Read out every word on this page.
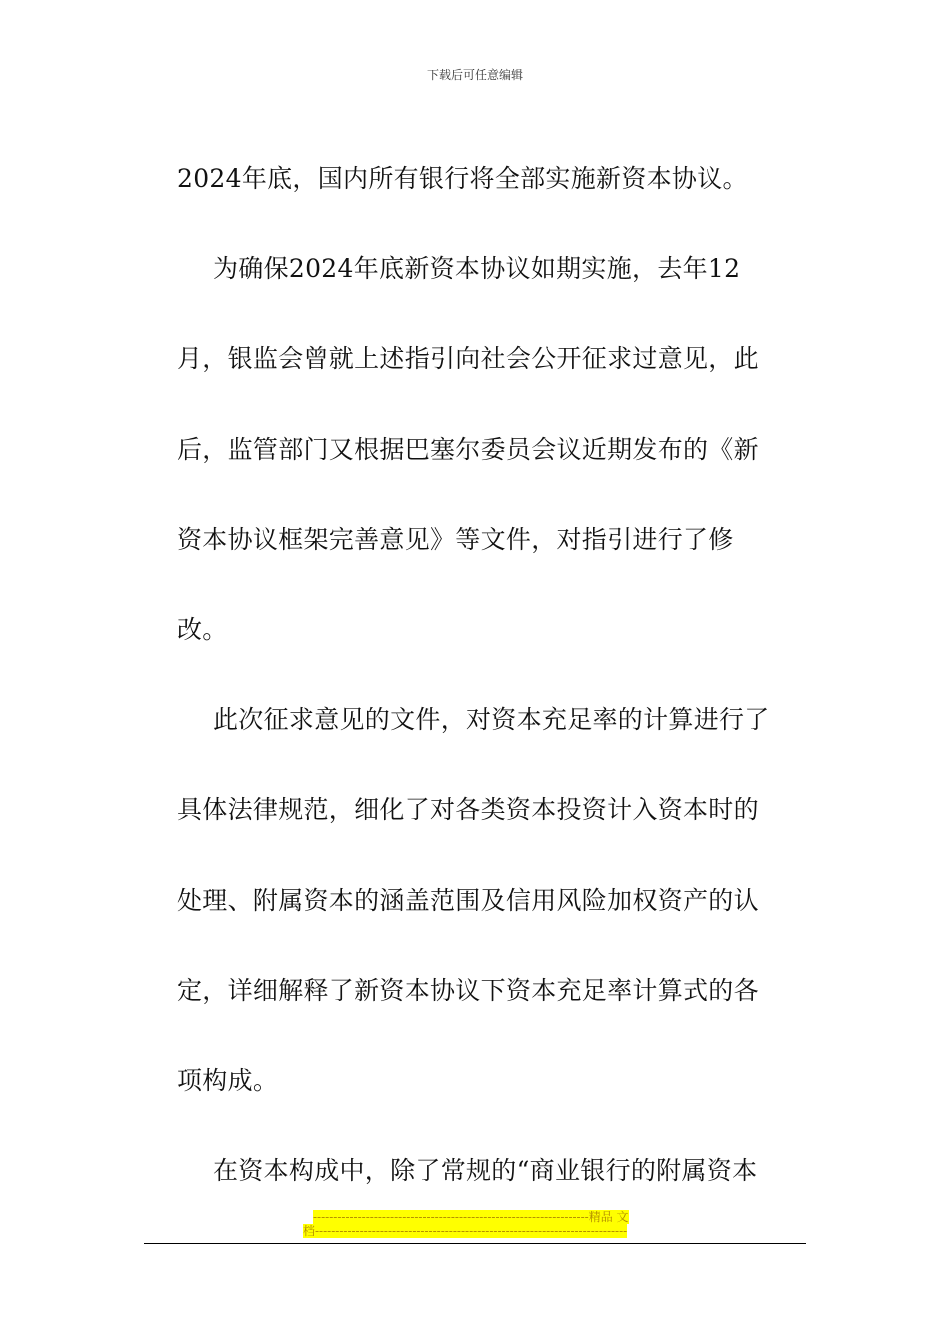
下载后可任意编辑
2024年底，国内所有银行将全部实施新资本协议。
为确保2024年底新资本协议如期实施，去年12
月，银监会曾就上述指引向社会公开征求过意见，此
后，监管部门又根据巴塞尔委员会议近期发布的《新
资本协议框架完善意见》等文件，对指引进行了修
改。
此次征求意见的文件，对资本充足率的计算进行了
具体法律规范，细化了对各类资本投资计入资本时的
处理、附属资本的涵盖范围及信用风险加权资产的认
定，详细解释了新资本协议下资本充足率计算式的各
项构成。
在资本构成中，除了常规的“商业银行的附属资本
--------------------------------------------------------------------精品 文
档-----------------------------------------------------------------------------
